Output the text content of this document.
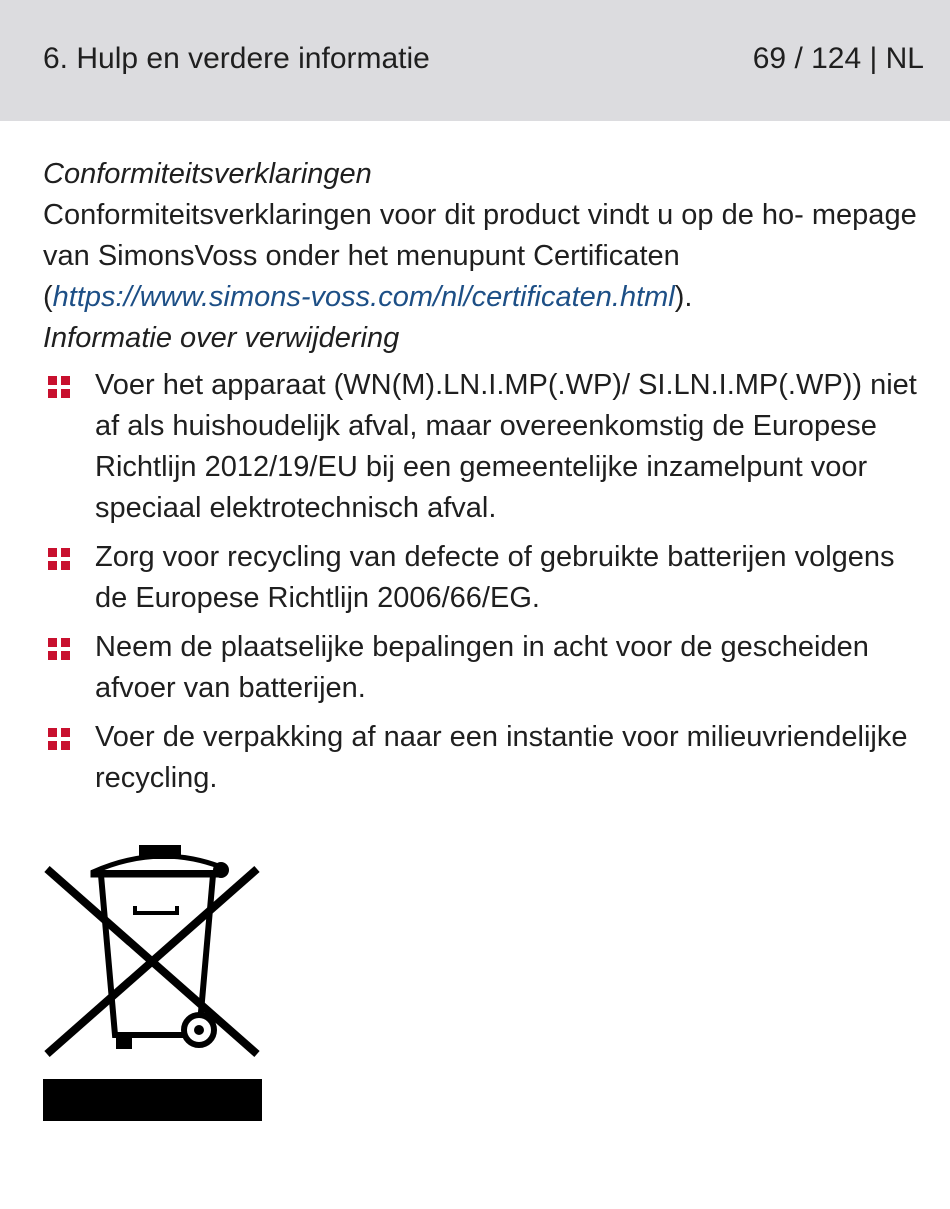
6. Hulp en verdere informatie	69 / 124 | NL

Conformiteitsverklaringen

Conformiteitsverklaringen voor dit product vindt u op de ho- mepage van SimonsVoss onder het menupunt Certificaten (https://www.simons-voss.com/nl/certificaten.html).

Informatie over verwijdering

Voer het apparaat (WN(M).LN.I.MP(.WP)/ SI.LN.I.MP(.WP)) niet af als huishoudelijk afval, maar overeenkomstig de Europese Richtlijn 2012/19/EU bij een gemeentelijke inzamelpunt voor speciaal elektrotechnisch afval.
Zorg voor recycling van defecte of gebruikte batterijen volgens de Europese Richtlijn 2006/66/EG.
Neem de plaatselijke bepalingen in acht voor de gescheiden afvoer van batterijen.
Voer de verpakking af naar een instantie voor milieuvriendelijke recycling.
